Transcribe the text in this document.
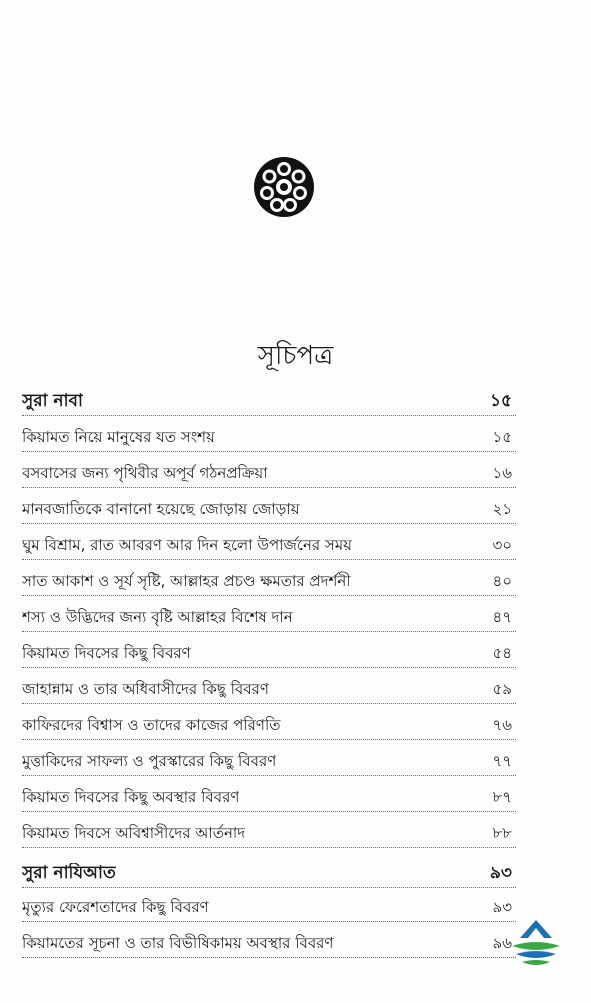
সূচিপত্র
সুরা নাবা	১৫
কিয়ামত নিয়ে মানুষের যত সংশয়	১৫
বসবাসের জন্য পৃথিবীর অপূর্ব গঠনপ্রক্রিয়া	১৬
মানবজাতিকে বানানো হয়েছে জোড়ায় জোড়ায়	২১
ঘুম বিশ্রাম, রাত আবরণ আর দিন হলো উপার্জনের সময়	৩০
সাত আকাশ ও সূর্য সৃষ্টি, আল্লাহর প্রচণ্ড ক্ষমতার প্রদর্শনী	৪০
শস্য ও উদ্ভিদের জন্য বৃষ্টি আল্লাহর বিশেষ দান	৪৭
কিয়ামত দিবসের কিছু বিবরণ	৫৪
জাহান্নাম ও তার অধিবাসীদের কিছু বিবরণ	৫৯
কাফিরদের বিশ্বাস ও তাদের কাজের পরিণতি	৭৬
মুত্তাকিদের সাফল্য ও পুরস্কারের কিছু বিবরণ	৭৭
কিয়ামত দিবসের কিছু অবস্থার বিবরণ	৮৭
কিয়ামত দিবসে অবিশ্বাসীদের আর্তনাদ	৮৮
সুরা নাযিআত	৯৩
মৃত্যুর ফেরেশতাদের কিছু বিবরণ	৯৩
কিয়ামতের সূচনা ও তার বিভীষিকাময় অবস্থার বিবরণ	৯৬
